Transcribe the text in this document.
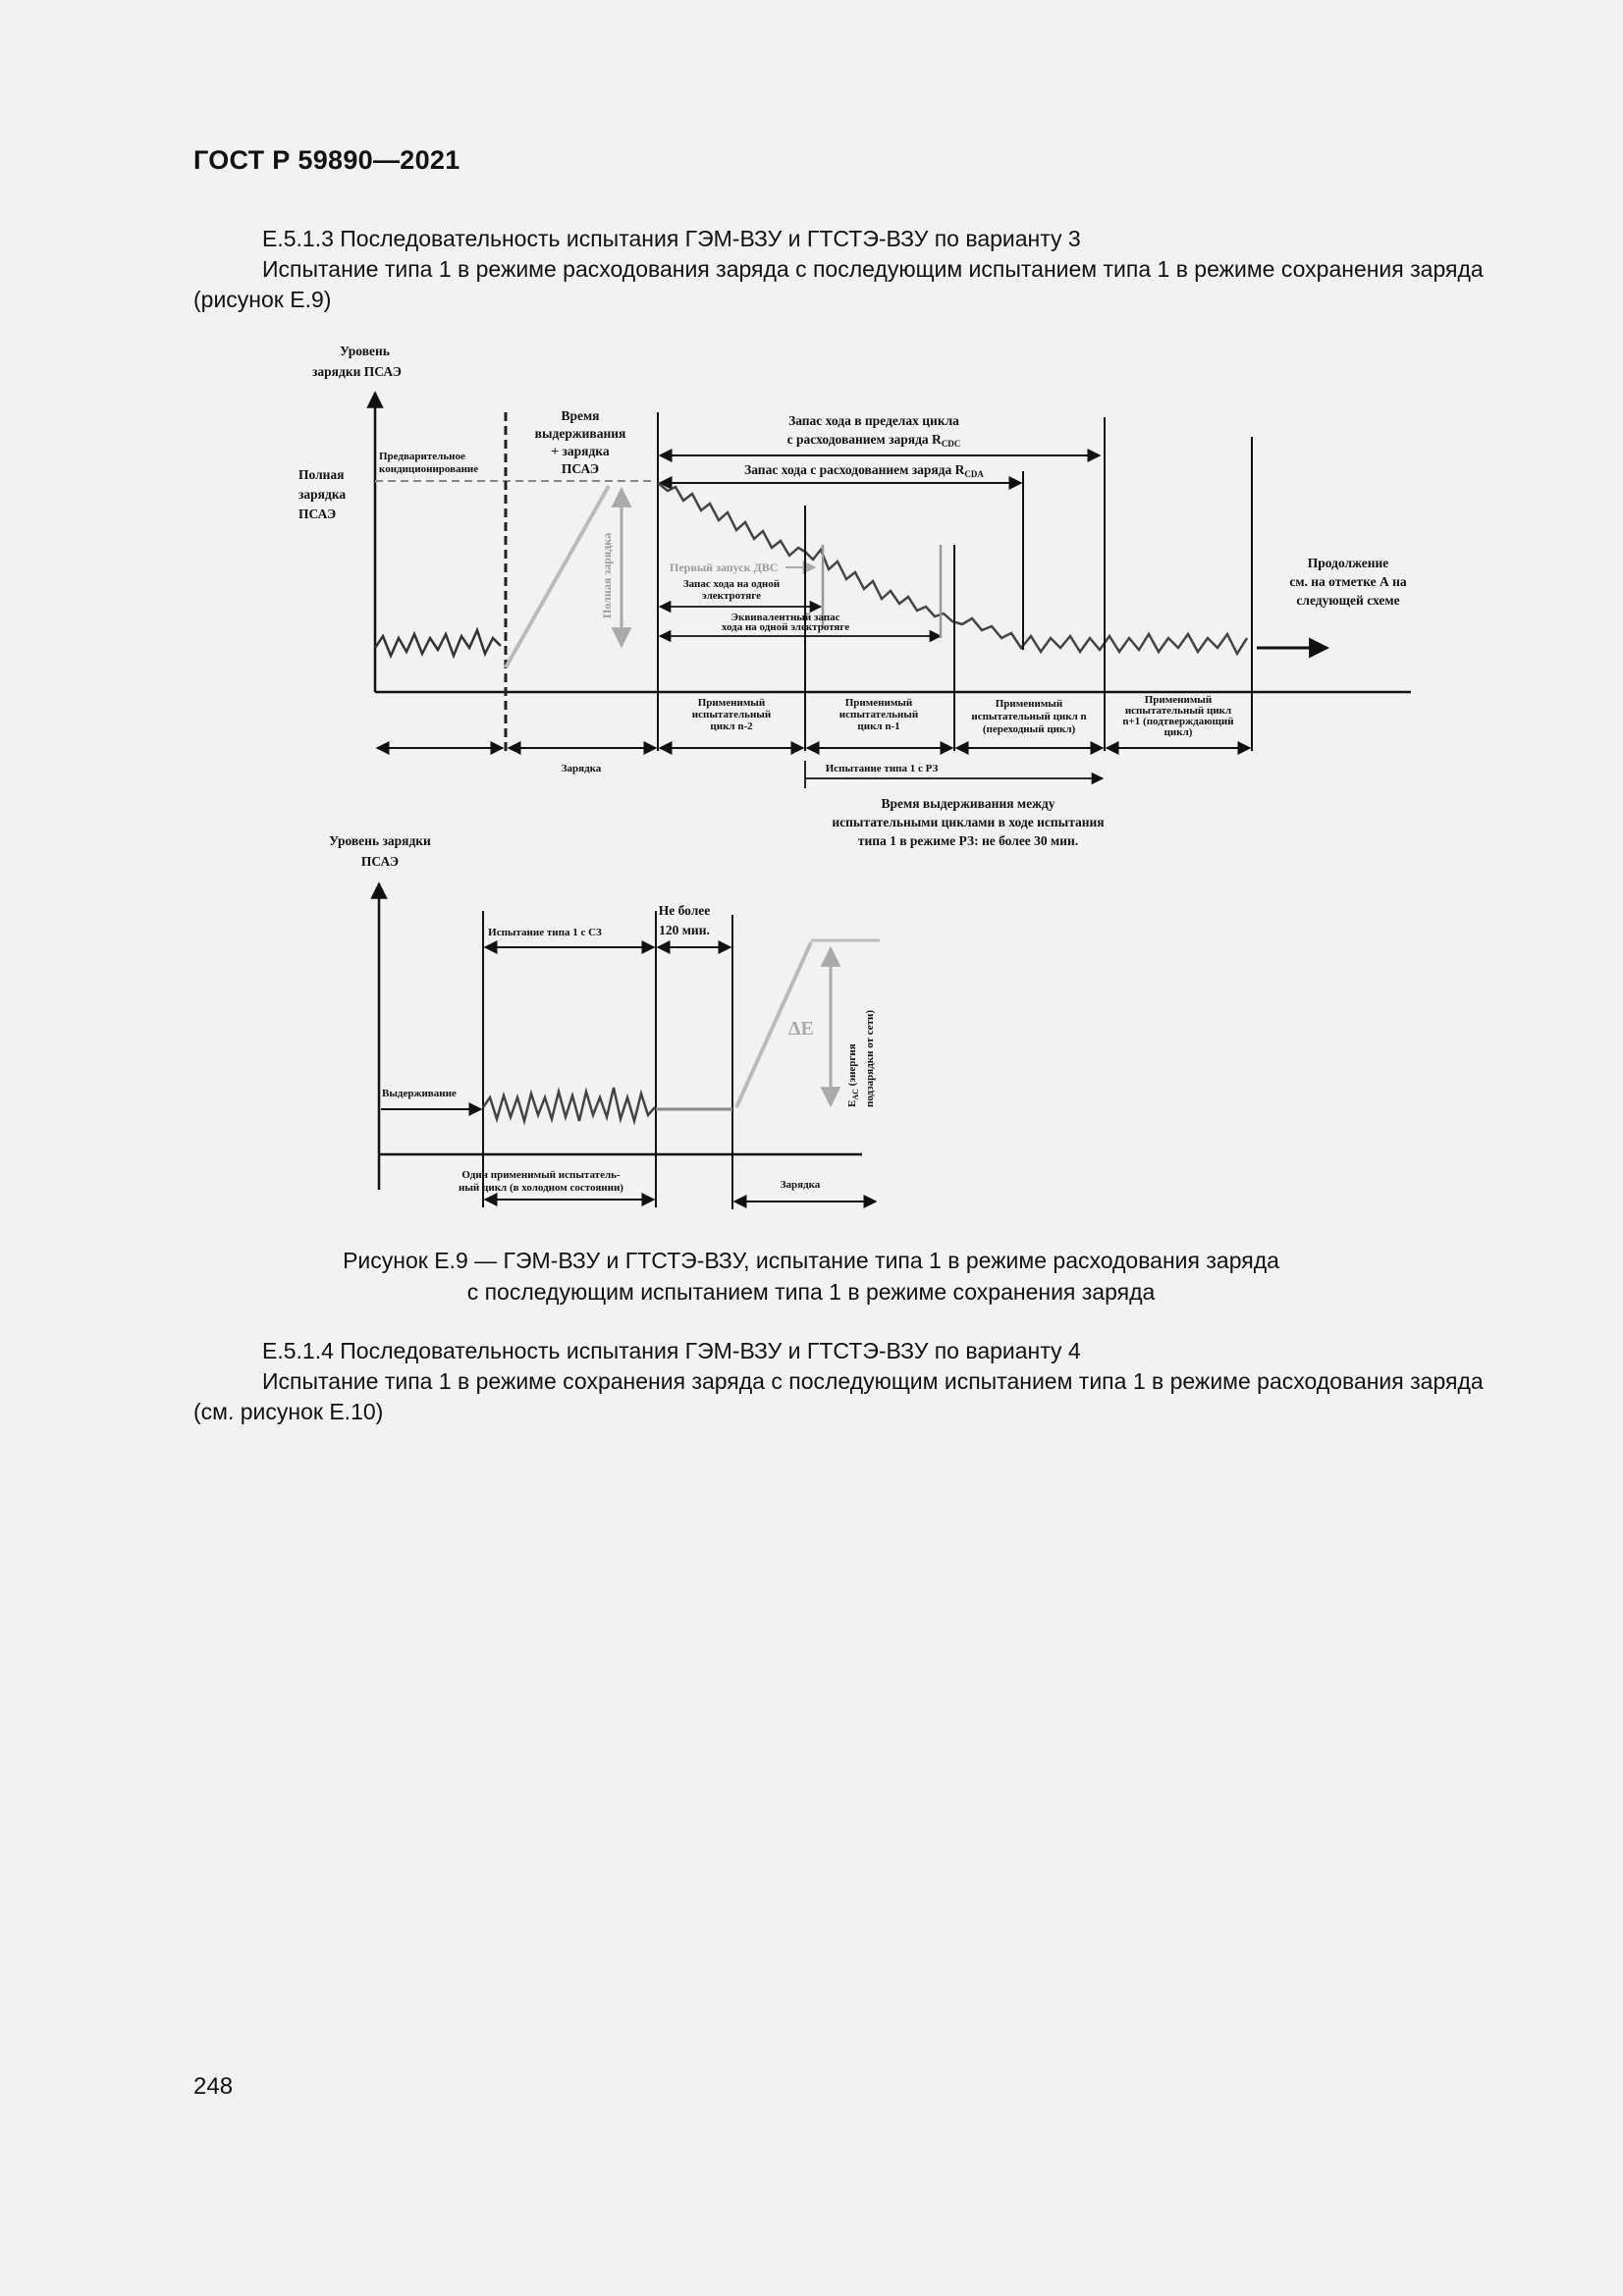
ГОСТ Р 59890—2021
Е.5.1.3 Последовательность испытания ГЭМ-ВЗУ и ГТСТЭ-ВЗУ по варианту 3
Испытание типа 1 в режиме расходования заряда с последующим испытанием типа 1 в режиме сохранения заряда (рисунок Е.9)
Уровень
зарядки ПСАЭ
Полная
зарядка
ПСАЭ
Предварительное
кондиционирование
Время
выдерживания
+ зарядка
ПСАЭ
Полная зарядка
Запас хода в пределах цикла
с расходованием заряда $R_{CDC}$
Запас хода с расходованием заряда $R_{CDA}$
Первый запуск ДВС
Запас хода на одной
электротяге
Эквивалентный запас
хода на одной электротяге
Продолжение
см. на отметке А на
следующей схеме
Применимый
испытательный
цикл n-2
Применимый
испытательный
цикл n-1
Применимый
испытательный цикл n
(переходный цикл)
Применимый
испытательный цикл
n+1 (подтверждающий
цикл)
Зарядка	Испытание типа 1 с РЗ
Время выдерживания между
испытательными циклами в ходе испытания
типа 1 в режиме РЗ: не более 30 мин.
Уровень зарядки
ПСАЭ
Выдерживание
Испытание типа 1 с СЗ
Не более
120 мин.
ΔE
$E_{AC}$ (энергия подзарядки от сети)
Один применимый испытатель-
ный цикл (в холодном состоянии)	Зарядка
Рисунок Е.9 — ГЭМ-ВЗУ и ГТСТЭ-ВЗУ, испытание типа 1 в режиме расходования заряда
с последующим испытанием типа 1 в режиме сохранения заряда
Е.5.1.4 Последовательность испытания ГЭМ-ВЗУ и ГТСТЭ-ВЗУ по варианту 4
Испытание типа 1 в режиме сохранения заряда с последующим испытанием типа 1 в режиме расходования заряда (см. рисунок Е.10)
248
